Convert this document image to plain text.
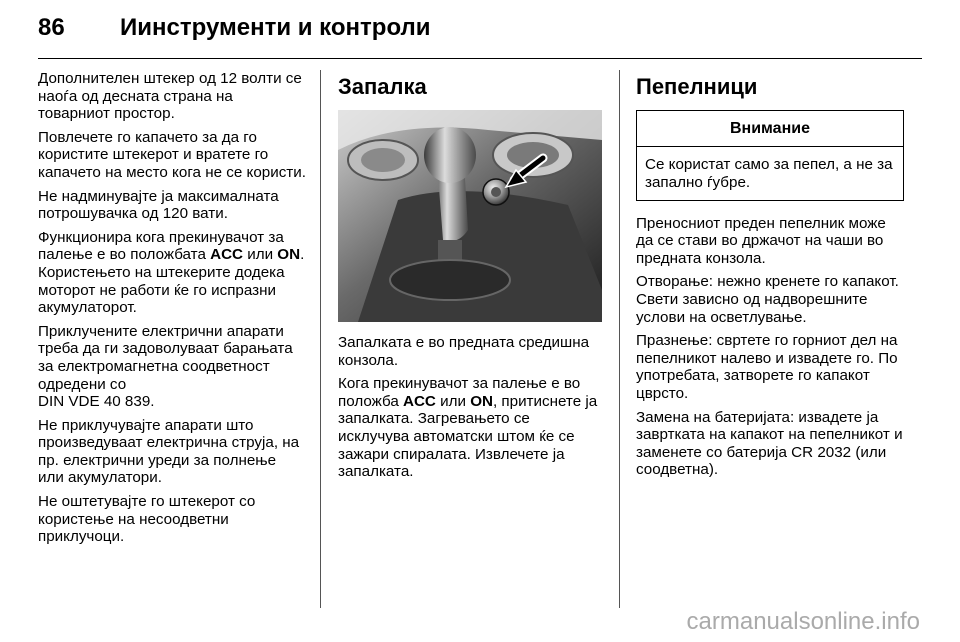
86 Иинструменти и контроли

Дополнителен штекер од 12 волти се наоѓа од десната страна на товарниот простор.

Повлечете го капачето за да го користите штекерот и вратете го капачето на место кога не се користи.

Не надминувајте ја максималната потрошувачка од 120 вати.

Функционира кога прекинувачот за палење е во положбата ACC или ON. Користењето на штекерите додека моторот не работи ќе го испразни акумулаторот.

Приклучените електрични апарати треба да ги задоволуваат барањата за електромагнетна соодветност одредени со
DIN VDE 40 839.

Не приклучувајте апарати што произведуваат електрична струја, на пр. електрични уреди за полнење или акумулатори.

Не оштетувајте го штекерот со користење на несоодветни приклучоци.

Запалка

Запалката е во предната средишна конзола.

Кога прекинувачот за палење е во положба ACC или ON, притиснете ја запалката. Загревањето се исклучува автоматски штом ќе се зажари спиралата. Извлечете ја запалката.

Пепелници
Внимание
Се користат само за пепел, а не за запално ѓубре.

Преносниот преден пепелник може да се стави во држачот на чаши во предната конзола.

Отворање: нежно кренете го капакот. Свети зависно од надворешните услови на осветлување.

Празнење: свртете го горниот дел на пепелникот налево и извадете го. По употребата, затворете го капакот цврсто.

Замена на батеријата: извадете ја завртката на капакот на пепелникот и заменете со батерија CR 2032 (или соодветна).

carmanualsonline.info
